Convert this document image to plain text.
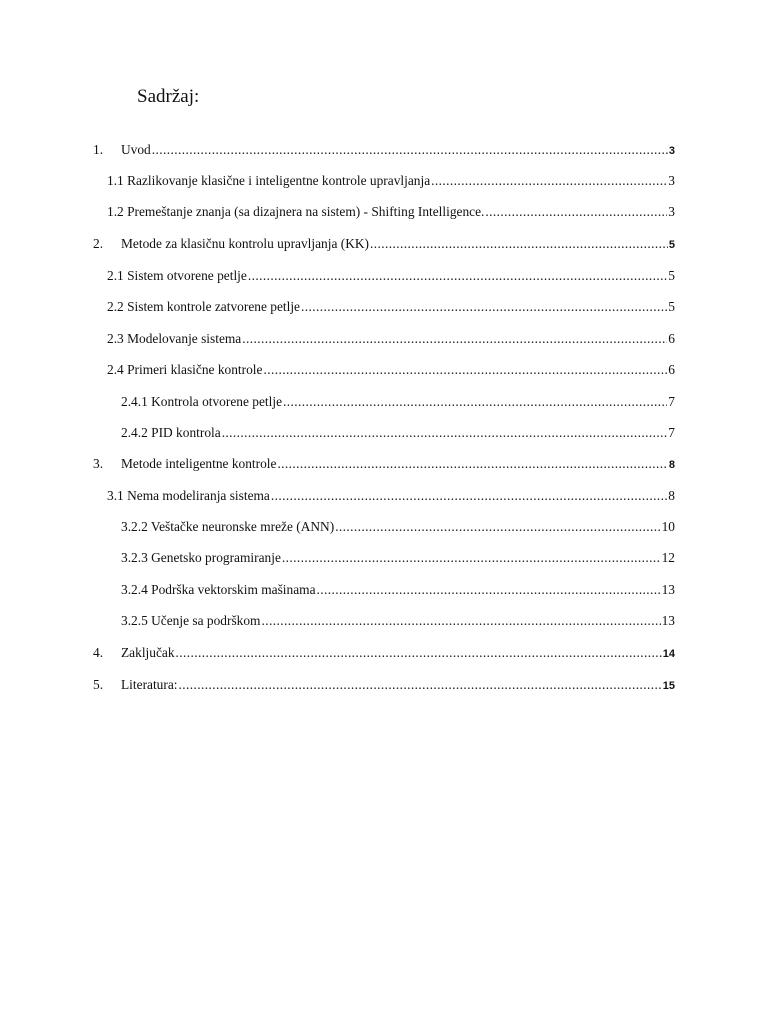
Sadržaj:
1.	Uvod .....	3
1.1 Razlikovanje klasične i inteligentne kontrole upravljanja .....	3
1.2 Premeštanje znanja (sa dizajnera na sistem) - Shifting Intelligence. .....	3
2.	Metode za klasičnu kontrolu upravljanja (KK) .....	5
2.1 Sistem otvorene petlje .....	5
2.2 Sistem kontrole zatvorene petlje .....	5
2.3 Modelovanje sistema .....	6
2.4 Primeri klasične kontrole .....	6
2.4.1 Kontrola otvorene petlje .....	7
2.4.2 PID kontrola .....	7
3.	Metode inteligentne kontrole .....	8
3.1 Nema modeliranja sistema .....	8
3.2.2 Veštačke neuronske mreže (ANN) .....	10
3.2.3 Genetsko programiranje .....	12
3.2.4 Podrška vektorskim mašinama .....	13
3.2.5 Učenje sa podrškom .....	13
4.	Zaključak .....	14
5.	Literatura: .....	15
